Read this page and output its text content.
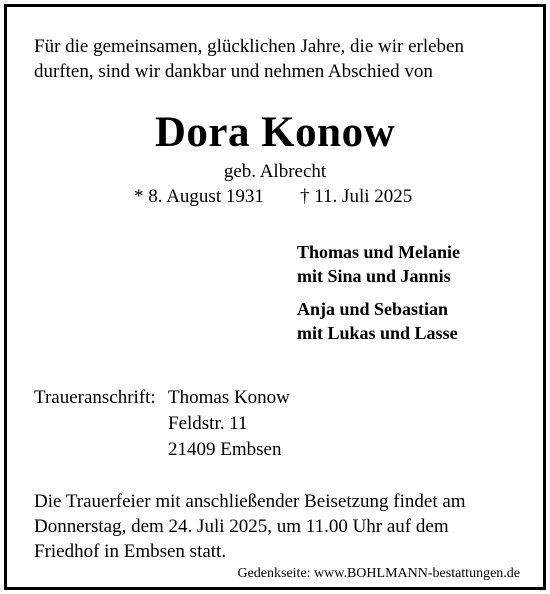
Für die gemeinsamen, glücklichen Jahre, die wir erleben
durften, sind wir dankbar und nehmen Abschied von
Dora Konow
geb. Albrecht
* 8. August 1931 † 11. Juli 2025
Thomas und Melanie
mit Sina und Jannis
Anja und Sebastian
mit Lukas und Lasse
Traueranschrift: Thomas Konow
Feldstr. 11
21409 Embsen
Die Trauerfeier mit anschließender Beisetzung findet am
Donnerstag, dem 24. Juli 2025, um 11.00 Uhr auf dem
Friedhof in Embsen statt.
Gedenkseite: www.BOHLMANN-bestattungen.de
